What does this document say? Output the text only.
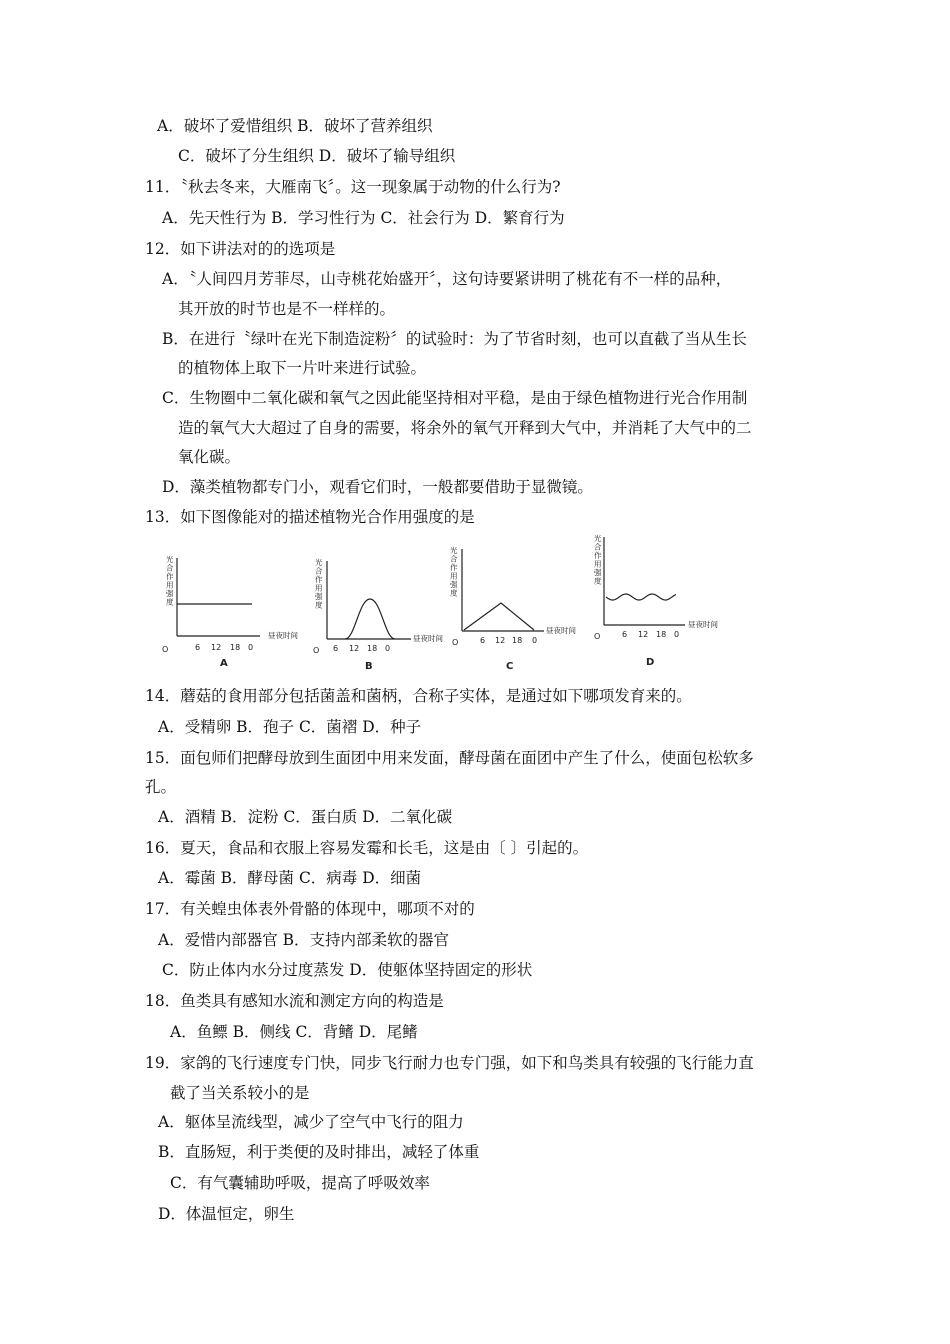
A．破坏了爱惜组织 B．破坏了营养组织
C．破坏了分生组织 D．破坏了输导组织
11．〝秋去冬来，大雁南飞〞。这一现象属于动物的什么行为?
A．先天性行为 B．学习性行为 C．社会行为 D．繁育行为
12．如下讲法对的的选项是
A．〝人间四月芳菲尽，山寺桃花始盛开〞，这句诗要紧讲明了桃花有不一样的品种，
其开放的时节也是不一样样的。
B．在进行〝绿叶在光下制造淀粉〞的试验时：为了节省时刻，也可以直截了当从生长
的植物体上取下一片叶来进行试验。
C．生物圈中二氧化碳和氧气之因此能坚持相对平稳，是由于绿色植物进行光合作用制
造的氧气大大超过了自身的需要，将余外的氧气开释到大气中，并消耗了大气中的二
氧化碳。
D．藻类植物都专门小，观看它们时，一般都要借助于显微镜。
13．如下图像能对的描述植物光合作用强度的是
光合作用强度
O	6 12 18 0
昼夜时间
A
光合作用强度
O 6 12 18 0
昼夜时间
B
光合作用强度
O	6 12 18 0
昼夜时间
C
光合作用强度
O	6 12 18 0
昼夜时间
D
14．蘑菇的食用部分包括菌盖和菌柄，合称子实体，是通过如下哪项发育来的。
A．受精卵 B．孢子 C．菌褶 D．种子
15．面包师们把酵母放到生面团中用来发面，酵母菌在面团中产生了什么，使面包松软多
孔。
A．酒精 B．淀粉 C．蛋白质 D．二氧化碳
16．夏天，食品和衣服上容易发霉和长毛，这是由〔 〕引起的。
A．霉菌 B．酵母菌 C．病毒 D．细菌
17．有关蝗虫体表外骨骼的体现中，哪项不对的
A．爱惜内部器官 B．支持内部柔软的器官
C．防止体内水分过度蒸发 D．使躯体坚持固定的形状
18．鱼类具有感知水流和测定方向的构造是
A．鱼鳔 B．侧线 C．背鳍 D．尾鳍
19．家鸽的飞行速度专门快，同步飞行耐力也专门强，如下和鸟类具有较强的飞行能力直
截了当关系较小的是
A．躯体呈流线型，减少了空气中飞行的阻力
B．直肠短，利于类便的及时排出，减轻了体重
C．有气囊辅助呼吸，提高了呼吸效率
D．体温恒定，卵生
